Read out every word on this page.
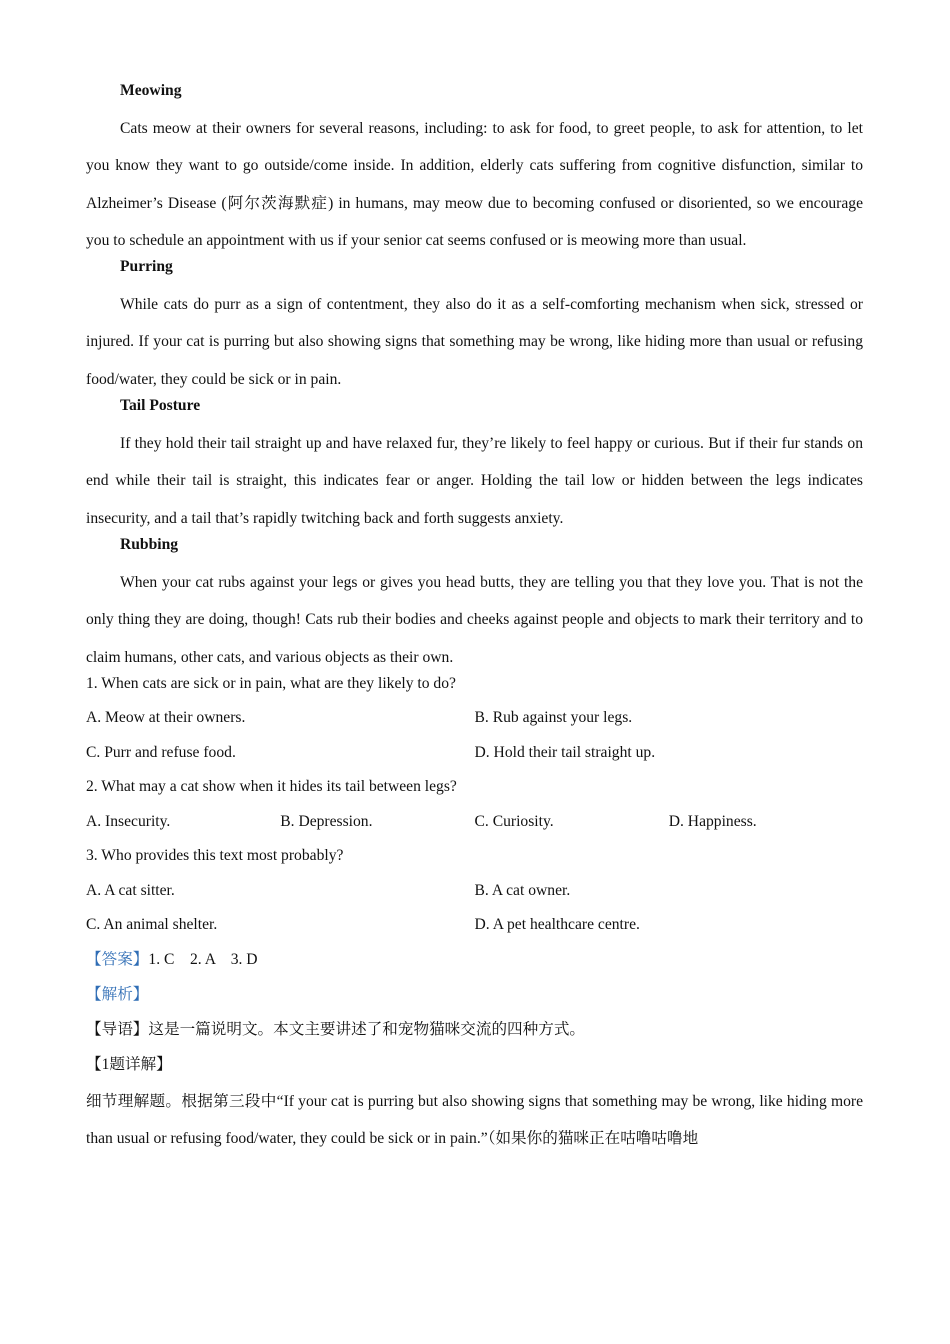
Meowing
Cats meow at their owners for several reasons, including: to ask for food, to greet people, to ask for attention, to let you know they want to go outside/come inside. In addition, elderly cats suffering from cognitive disfunction, similar to Alzheimer’s Disease (阿尔茨海默症) in humans, may meow due to becoming confused or disoriented, so we encourage you to schedule an appointment with us if your senior cat seems confused or is meowing more than usual.
Purring
While cats do purr as a sign of contentment, they also do it as a self-comforting mechanism when sick, stressed or injured. If your cat is purring but also showing signs that something may be wrong, like hiding more than usual or refusing food/water, they could be sick or in pain.
Tail Posture
If they hold their tail straight up and have relaxed fur, they’re likely to feel happy or curious. But if their fur stands on end while their tail is straight, this indicates fear or anger. Holding the tail low or hidden between the legs indicates insecurity, and a tail that’s rapidly twitching back and forth suggests anxiety.
Rubbing
When your cat rubs against your legs or gives you head butts, they are telling you that they love you. That is not the only thing they are doing, though! Cats rub their bodies and cheeks against people and objects to mark their territory and to claim humans, other cats, and various objects as their own.
1. When cats are sick or in pain, what are they likely to do?
A. Meow at their owners.	B. Rub against your legs.
C. Purr and refuse food.	D. Hold their tail straight up.
2. What may a cat show when it hides its tail between legs?
A. Insecurity.	B. Depression.	C. Curiosity.	D. Happiness.
3. Who provides this text most probably?
A. A cat sitter.	B. A cat owner.
C. An animal shelter.	D. A pet healthcare centre.
【答案】1. C    2. A    3. D
【解析】
【导语】这是一篇说明文。本文主要讲述了和宠物猫咪交流的四种方式。
【1题详解】
细节理解题。根据第三段中“If your cat is purring but also showing signs that something may be wrong, like hiding more than usual or refusing food/water, they could be sick or in pain.”（如果你的猫咪正在咕噜咕噜地
